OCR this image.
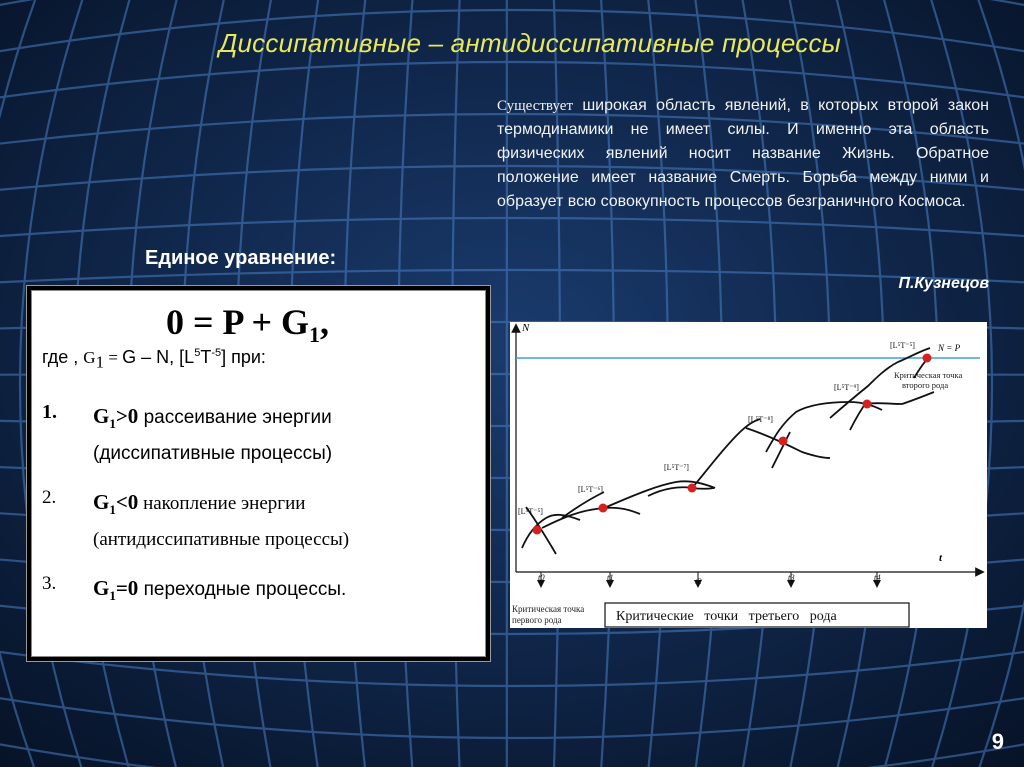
Диссипативные – антидиссипативные процессы
Существует широкая область явлений, в которых второй закон термодинамики не имеет силы. И именно эта область физических явлений носит название Жизнь. Обратное положение имеет название Смерть. Борьба между ними и образует всю совокупность процессов безграничного Космоса.
П.Кузнецов
Единое уравнение:
$0 = P + G_1$,
где , $G_1 = G - N$, $[L^5T^{-5}]$ при:
1. $G_1>0$ рассеивание энергии
(диссипативные процессы)
2. $G_1<0$ накопление энергии
(антидиссипативные процессы)
3. $G_1=0$ переходные процессы.
N
t
N = P
[L⁵T⁻⁵]
[L⁵T⁻⁶]
[L⁵T⁻⁷]
[L⁵T⁻⁸]
[L⁵T⁻⁹]
[L⁵T⁻⁵]
Критическая точка
второго рода
t0	t1	t2	t3	t4
Критическая точка
первого рода	Критические   точки   третьего   рода
9
